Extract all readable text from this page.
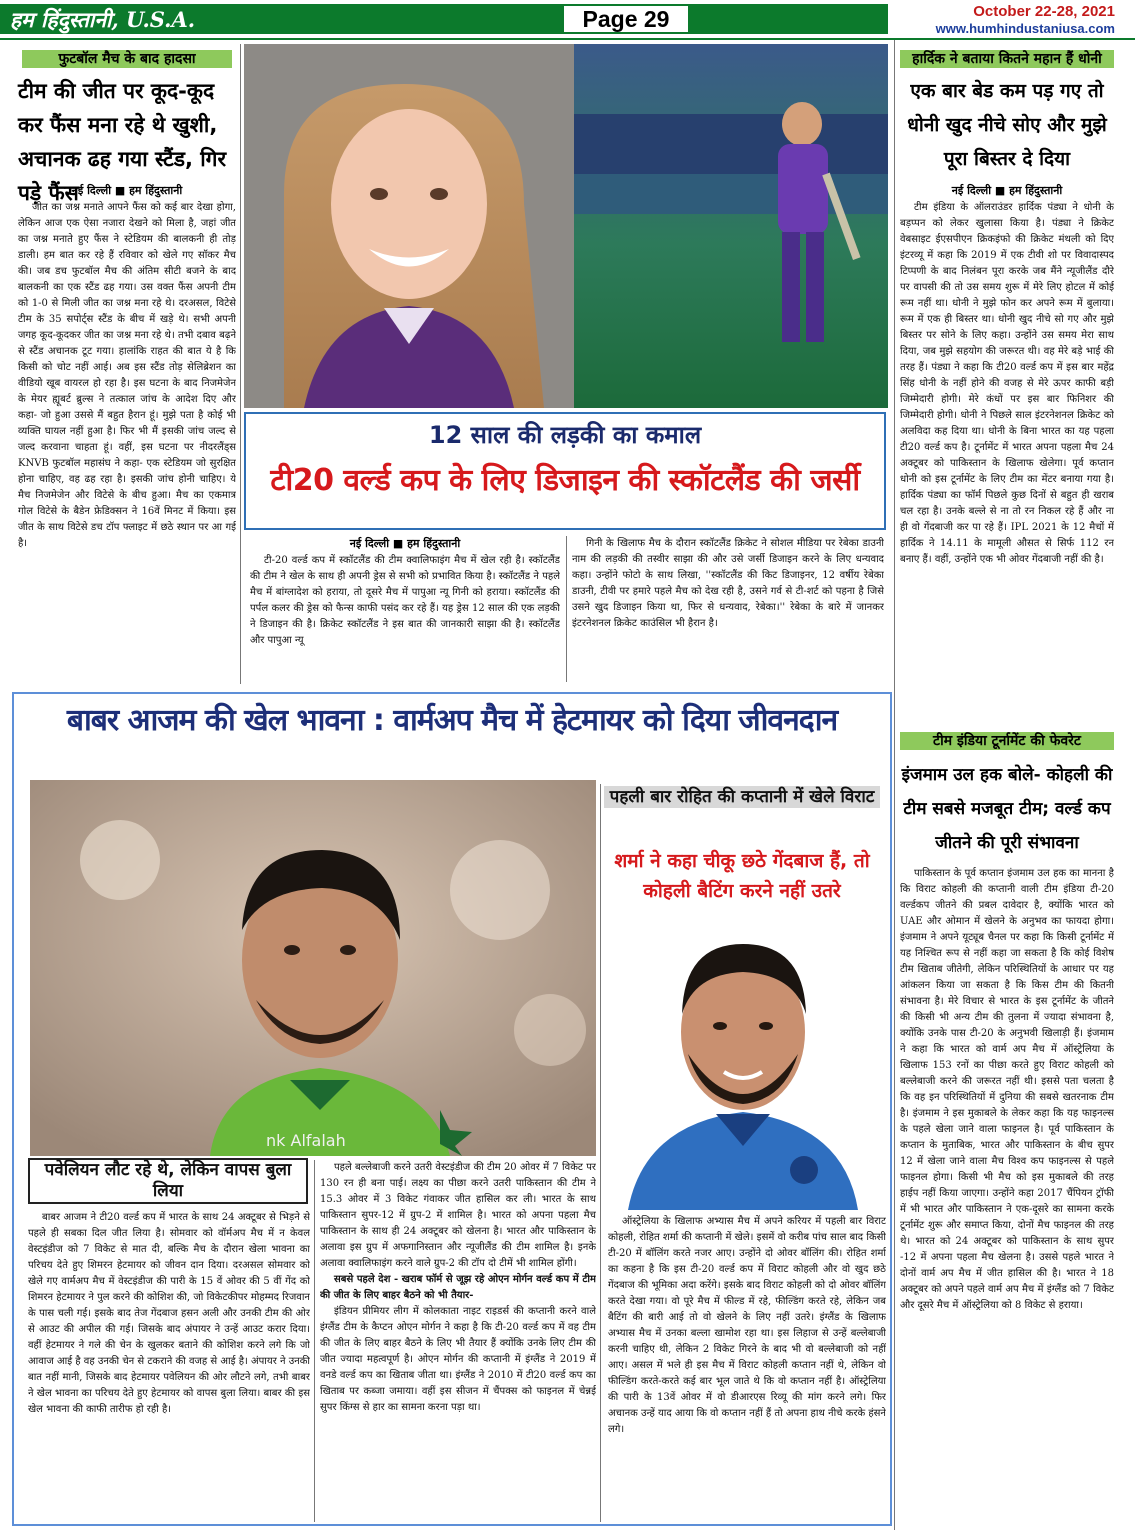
हम हिंदुस्तानी, U.S.A.	Page 29	October 22-28, 2021
www.humhindustaniusa.com
फुटबॉल मैच के बाद हादसा
टीम की जीत पर कूद-कूद कर फैंस मना रहे थे खुशी, अचानक ढह गया स्टैंड, गिर पड़े फैंस
नई दिल्ली ■ हम हिंदुस्तानी

जीत का जश्न मनाते आपने फैंस को कई बार देखा होगा, लेकिन आज एक ऐसा नजारा देखने को मिला है, जहां जीत का जश्न मनाते हुए फैंस ने स्टेडियम की बालकनी ही तोड़ डाली। हम बात कर रहे हैं रविवार को खेले गए सॉकर मैच की। जब डच फुटबॉल मैच की अंतिम सीटी बजने के बाद बालकनी का एक स्टैंड ढह गया। उस वक्त फैंस अपनी टीम को 1-0 से मिली जीत का जश्न मना रहे थे। दरअसल, विटेसे टीम के 35 सपोर्ट्स स्टैंड के बीच में खड़े थे। सभी अपनी जगह कूद-कूदकर जीत का जश्न मना रहे थे। तभी दबाव बढ़ने से स्टैंड अचानक टूट गया। हालांकि राहत की बात ये है कि किसी को चोट नहीं आई। अब इस स्टैंड तोड़ सेलिब्रेशन का वीडियो खूब वायरल हो रहा है। इस घटना के बाद निजमेजेन के मेयर ह्यूबर्ट ब्रुल्स ने तत्काल जांच के आदेश दिए और कहा- जो हुआ उससे मैं बहुत हैरान हूं। मुझे पता है कोई भी व्यक्ति घायल नहीं हुआ है। फिर भी मैं इसकी जांच जल्द से जल्द करवाना चाहता हूं। वहीं, इस घटना पर नीदरलैंड्स KNVB फुटबॉल महासंघ ने कहा- एक स्टेडियम जो सुरक्षित होना चाहिए, वह ढह रहा है। इसकी जांच होनी चाहिए। ये मैच निजमेजेन और विटेसे के बीच हुआ। मैच का एकमात्र गोल विटेसे के बैडेन फ्रेडिक्सन ने 16वें मिनट में किया। इस जीत के साथ विटेसे डच टॉप फ्लाइट में छठे स्थान पर आ गई है।

12 साल की लड़की का कमाल
टी20 वर्ल्ड कप के लिए डिजाइन की स्कॉटलैंड की जर्सी
नई दिल्ली ■ हम हिंदुस्तानी

टी-20 वर्ल्ड कप में स्कॉटलैंड की टीम क्वालिफाइंग मैच में खेल रही है। स्कॉटलैंड की टीम ने खेल के साथ ही अपनी ड्रेस से सभी को प्रभावित किया है। स्कॉटलैंड ने पहले मैच में बांग्लादेश को हराया, तो दूसरे मैच में पापुआ न्यू गिनी को हराया। स्कॉटलैंड की पर्पल कलर की ड्रेस को फैन्स काफी पसंद कर रहे हैं। यह ड्रेस 12 साल की एक लड़की ने डिजाइन की है। क्रिकेट स्कॉटलैंड ने इस बात की जानकारी साझा की है। स्कॉटलैंड और पापुआ न्यू

गिनी के खिलाफ मैच के दौरान स्कॉटलैंड क्रिकेट ने सोशल मीडिया पर रेबेका डाउनी नाम की लड़की की तस्वीर साझा की और उसे जर्सी डिजाइन करने के लिए धन्यवाद कहा। उन्होंने फोटो के साथ लिखा, ''स्कॉटलैंड की किट डिजाइनर, 12 वर्षीय रेबेका डाउनी, टीवी पर हमारे पहले मैच को देख रही है, उसने गर्व से टी-शर्ट को पहना है जिसे उसने खुद डिजाइन किया था, फिर से धन्यवाद, रेबेका।'' रेबेका के बारे में जानकर इंटरनेशनल क्रिकेट काउंसिल भी हैरान है।

हार्दिक ने बताया कितने महान हैं धोनी
एक बार बेड कम पड़ गए तो धोनी खुद नीचे सोए और मुझे पूरा बिस्तर दे दिया
नई दिल्ली ■ हम हिंदुस्तानी

टीम इंडिया के ऑलराउंडर हार्दिक पंड्या ने धोनी के बड़प्पन को लेकर खुलासा किया है। पंड्या ने क्रिकेट वेबसाइट ईएसपीएन क्रिकइंफो की क्रिकेट मंथली को दिए इंटरव्यू में कहा कि 2019 में एक टीवी शो पर विवादास्पद टिप्पणी के बाद निलंबन पूरा करके जब मैंने न्यूजीलैंड दौरे पर वापसी की तो उस समय शुरू में मेरे लिए होटल में कोई रूम नहीं था। धोनी ने मुझे फोन कर अपने रूम में बुलाया। रूम में एक ही बिस्तर था। धोनी खुद नीचे सो गए और मुझे बिस्तर पर सोने के लिए कहा। उन्होंने उस समय मेरा साथ दिया, जब मुझे सहयोग की जरूरत थी। वह मेरे बड़े भाई की तरह हैं। पंड्या ने कहा कि टी20 वर्ल्ड कप में इस बार महेंद्र सिंह धोनी के नहीं होने की वजह से मेरे ऊपर काफी बड़ी जिम्मेदारी होगी। मेरे कंधों पर इस बार फिनिशर की जिम्मेदारी होगी। धोनी ने पिछले साल इंटरनेशनल क्रिकेट को अलविदा कह दिया था। धोनी के बिना भारत का यह पहला टी20 वर्ल्ड कप है। टूर्नामेंट में भारत अपना पहला मैच 24 अक्टूबर को पाकिस्तान के खिलाफ खेलेगा। पूर्व कप्तान धोनी को इस टूर्नामेंट के लिए टीम का मेंटर बनाया गया है। हार्दिक पंड्या का फॉर्म पिछले कुछ दिनों से बहुत ही खराब चल रहा है। उनके बल्ले से ना तो रन निकल रहे हैं और ना ही वो गेंदबाजी कर पा रहे हैं। IPL 2021 के 12 मैचों में हार्दिक ने 14.11 के मामूली औसत से सिर्फ 112 रन बनाए हैं। वहीं, उन्होंने एक भी ओवर गेंदबाजी नहीं की है।

टीम इंडिया टूर्नामेंट की फेवरेट
इंजमाम उल हक बोले- कोहली की टीम सबसे मजबूत टीम; वर्ल्ड कप जीतने की पूरी संभावना

पाकिस्तान के पूर्व कप्तान इंजमाम उल हक का मानना है कि विराट कोहली की कप्तानी वाली टीम इंडिया टी-20 वर्ल्डकप जीतने की प्रबल दावेदार है, क्योंकि भारत को UAE और ओमान में खेलने के अनुभव का फायदा होगा। इंजमाम ने अपने यूट्यूब चैनल पर कहा कि किसी टूर्नामेंट में यह निश्चित रूप से नहीं कहा जा सकता है कि कोई विशेष टीम खिताब जीतेगी, लेकिन परिस्थितियों के आधार पर यह आंकलन किया जा सकता है कि किस टीम की कितनी संभावना है। मेरे विचार से भारत के इस टूर्नामेंट के जीतने की किसी भी अन्य टीम की तुलना में ज्यादा संभावना है, क्योंकि उनके पास टी-20 के अनुभवी खिलाड़ी हैं। इंजमाम ने कहा कि भारत को वार्म अप मैच में ऑस्ट्रेलिया के खिलाफ 153 रनों का पीछा करते हुए विराट कोहली को बल्लेबाजी करने की जरूरत नहीं थी। इससे पता चलता है कि वह इन परिस्थितियों में दुनिया की सबसे खतरनाक टीम है। इंजमाम ने इस मुकाबले के लेकर कहा कि यह फाइनल्स के पहले खेला जाने वाला फाइनल है। पूर्व पाकिस्तान के कप्तान के मुताबिक, भारत और पाकिस्तान के बीच सुपर 12 में खेला जाने वाला मैच विश्व कप फाइनल्स से पहले फाइनल होगा। किसी भी मैच को इस मुकाबले की तरह हाईप नहीं किया जाएगा। उन्होंने कहा 2017 चैंपियन ट्रॉफी में भी भारत और पाकिस्तान ने एक-दूसरे का सामना करके टूर्नामेंट शुरू और समाप्त किया, दोनों मैच फाइनल की तरह थे। भारत को 24 अक्टूबर को पाकिस्तान के साथ सुपर -12 में अपना पहला मैच खेलना है। उससे पहले भारत ने दोनों वार्म अप मैच में जीत हासिल की है। भारत ने 18 अक्टूबर को अपने पहले वार्म अप मैच में इंग्लैंड को 7 विकेट और दूसरे मैच में ऑस्ट्रेलिया को 8 विकेट से हराया।

बाबर आजम की खेल भावना : वार्मअप मैच में हेटमायर को दिया जीवनदान
nk Alfalah
पवेलियन लौट रहे थे, लेकिन वापस बुला लिया

बाबर आजम ने टी20 वर्ल्ड कप में भारत के साथ 24 अक्टूबर से भिड़ने से पहले ही सबका दिल जीत लिया है। सोमवार को वॉर्मअप मैच में न केवल वेस्टइंडीज को 7 विकेट से मात दी, बल्कि मैच के दौरान खेला भावना का परिचय देते हुए शिमरन हेटमायर को जीवन दान दिया। दरअसल सोमवार को खेले गए वार्मअप मैच में वेस्टइंडीज की पारी के 15 वें ओवर की 5 वीं गेंद को शिमरन हेटमायर ने पुल करने की कोशिश की, जो विकेटकीपर मोहम्मद रिजवान के पास चली गई। इसके बाद तेज गेंदबाज हसन अली और उनकी टीम की ओर से आउट की अपील की गई। जिसके बाद अंपायर ने उन्हें आउट करार दिया। वहीं हेटमायर ने गले की चेन के खुलकर बताने की कोशिश करने लगे कि जो आवाज आई है वह उनकी चेन से टकराने की वजह से आई है। अंपायर ने उनकी बात नहीं मानी, जिसके बाद हेटमायर पवेलियन की ओर लौटने लगे, तभी बाबर ने खेल भावना का परिचय देते हुए हेटमायर को वापस बुला लिया। बाबर की इस खेल भावना की काफी तारीफ हो रही है।

पहले बल्लेबाजी करने उतरी वेस्टइंडीज की टीम 20 ओवर में 7 विकेट पर 130 रन ही बना पाई। लक्ष्य का पीछा करने उतरी पाकिस्तान की टीम ने 15.3 ओवर में 3 विकेट गंवाकर जीत हासिल कर ली। भारत के साथ पाकिस्तान सुपर-12 में ग्रुप-2 में शामिल है। भारत को अपना पहला मैच पाकिस्तान के साथ ही 24 अक्टूबर को खेलना है। भारत और पाकिस्तान के अलावा इस ग्रुप में अफगानिस्तान और न्यूजीलैंड की टीम शामिल है। इनके अलावा क्वालिफाइंग करने वाले ग्रुप-2 की टॉप दो टीमें भी शामिल होंगी।

सबसे पहले देश - खराब फॉर्म से जूझ रहे ओएन मोर्गन वर्ल्ड कप में टीम की जीत के लिए बाहर बैठने को भी तैयार-

इंडियन प्रीमियर लीग में कोलकाता नाइट राइडर्स की कप्तानी करने वाले इंग्लैंड टीम के कैप्टन ओएन मोर्गन ने कहा है कि टी-20 वर्ल्ड कप में वह टीम की जीत के लिए बाहर बैठने के लिए भी तैयार हैं क्योंकि उनके लिए टीम की जीत ज्यादा महत्वपूर्ण है। ओएन मोर्गन की कप्तानी में इंग्लैंड ने 2019 में वनडे वर्ल्ड कप का खिताब जीता था। इंग्लैंड ने 2010 में टी20 वर्ल्ड कप का खिताब पर कब्जा जमाया। वहीं इस सीजन में चैंपक्स को फाइनल में चेन्नई सुपर किंग्स से हार का सामना करना पड़ा था।

पहली बार रोहित की कप्तानी में खेले विराट
शर्मा ने कहा चीकू छठे गेंदबाज हैं, तो कोहली बैटिंग करने नहीं उतरे

ऑस्ट्रेलिया के खिलाफ अभ्यास मैच में अपने करियर में पहली बार विराट कोहली, रोहित शर्मा की कप्तानी में खेले। इसमें वो करीब पांच साल बाद किसी टी-20 में बॉलिंग करते नजर आए। उन्होंने दो ओवर बॉलिंग की। रोहित शर्मा का कहना है कि इस टी-20 वर्ल्ड कप में विराट कोहली और वो खुद छठे गेंदबाज की भूमिका अदा करेंगे। इसके बाद विराट कोहली को दो ओवर बॉलिंग करते देखा गया। वो पूरे मैच में फील्ड में रहे, फील्डिंग करते रहे, लेकिन जब बैटिंग की बारी आई तो वो खेलने के लिए नहीं उतरे। इंग्लैंड के खिलाफ अभ्यास मैच में उनका बल्ला खामोश रहा था। इस लिहाज से उन्हें बल्लेबाजी करनी चाहिए थी, लेकिन 2 विकेट गिरने के बाद भी वो बल्लेबाजी को नहीं आए। असल में भले ही इस मैच में विराट कोहली कप्तान नहीं थे, लेकिन वो फील्डिंग करते-करते कई बार भूल जाते थे कि वो कप्तान नहीं है। ऑस्ट्रेलिया की पारी के 13वें ओवर में वो डीआरएस रिव्यू की मांग करने लगे। फिर अचानक उन्हें याद आया कि वो कप्तान नहीं हैं तो अपना हाथ नीचे करके हंसने लगे।
